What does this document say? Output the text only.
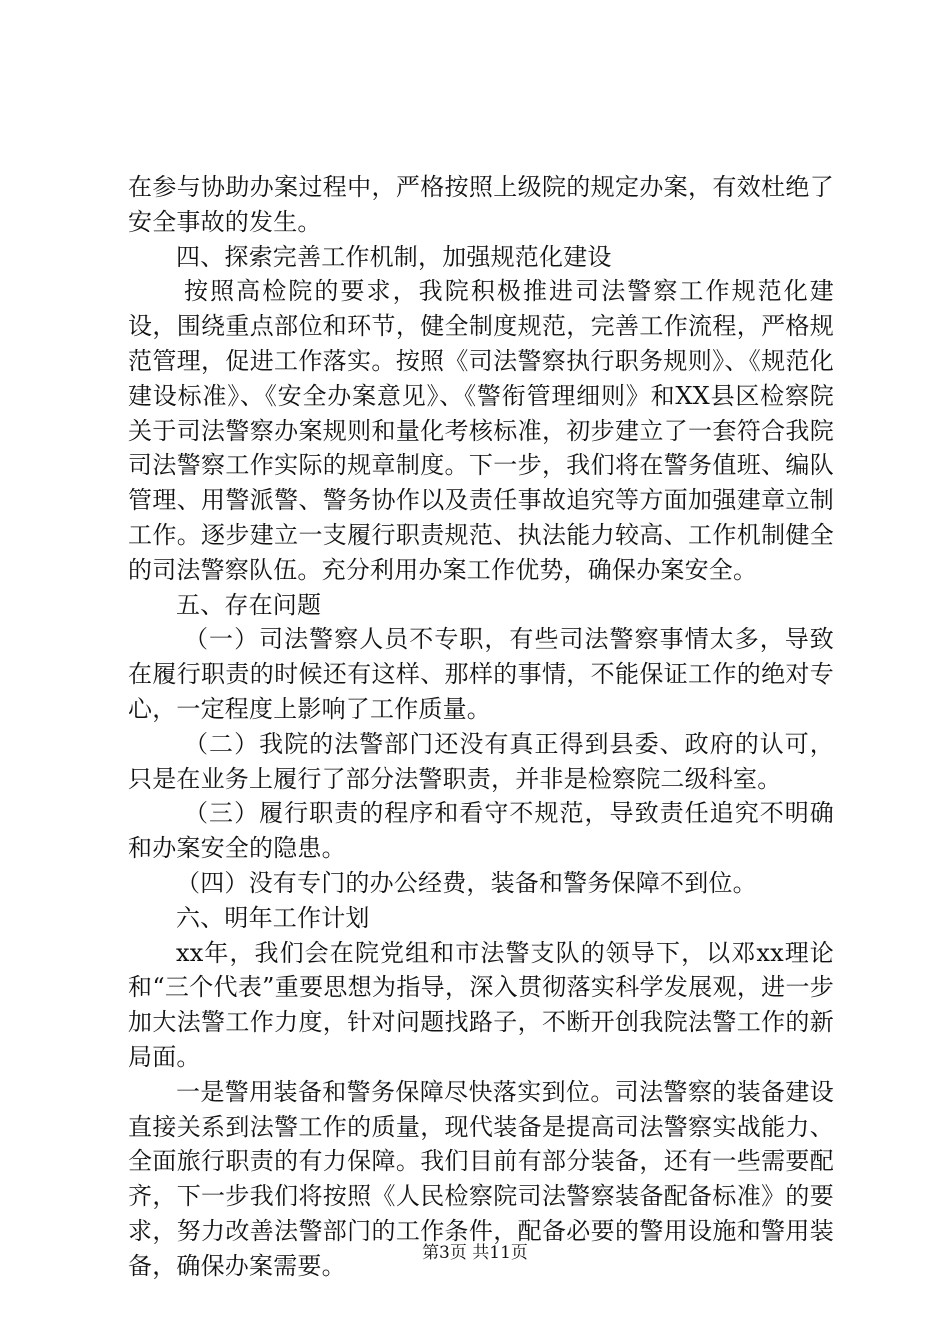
在参与协助办案过程中，严格按照上级院的规定办案，有效杜绝了安全事故的发生。

四、探索完善工作机制，加强规范化建设

按照高检院的要求，我院积极推进司法警察工作规范化建设，围绕重点部位和环节，健全制度规范，完善工作流程，严格规范管理，促进工作落实。按照《司法警察执行职务规则》、《规范化建设标准》、《安全办案意见》、《警衔管理细则》和XX县区检察院关于司法警察办案规则和量化考核标准，初步建立了一套符合我院司法警察工作实际的规章制度。下一步，我们将在警务值班、编队管理、用警派警、警务协作以及责任事故追究等方面加强建章立制工作。逐步建立一支履行职责规范、执法能力较高、工作机制健全的司法警察队伍。充分利用办案工作优势，确保办案安全。

五、存在问题

（一）司法警察人员不专职，有些司法警察事情太多，导致在履行职责的时候还有这样、那样的事情，不能保证工作的绝对专心，一定程度上影响了工作质量。

（二）我院的法警部门还没有真正得到县委、政府的认可，只是在业务上履行了部分法警职责，并非是检察院二级科室。

（三）履行职责的程序和看守不规范，导致责任追究不明确和办案安全的隐患。

（四）没有专门的办公经费，装备和警务保障不到位。

六、明年工作计划

xx年，我们会在院党组和市法警支队的领导下，以邓xx理论和“三个代表”重要思想为指导，深入贯彻落实科学发展观，进一步加大法警工作力度，针对问题找路子，不断开创我院法警工作的新局面。

一是警用装备和警务保障尽快落实到位。司法警察的装备建设直接关系到法警工作的质量，现代装备是提高司法警察实战能力、全面旅行职责的有力保障。我们目前有部分装备，还有一些需要配齐，下一步我们将按照《人民检察院司法警察装备配备标准》的要求，努力改善法警部门的工作条件，配备必要的警用设施和警用装备，确保办案需要。	第3页 共11页
